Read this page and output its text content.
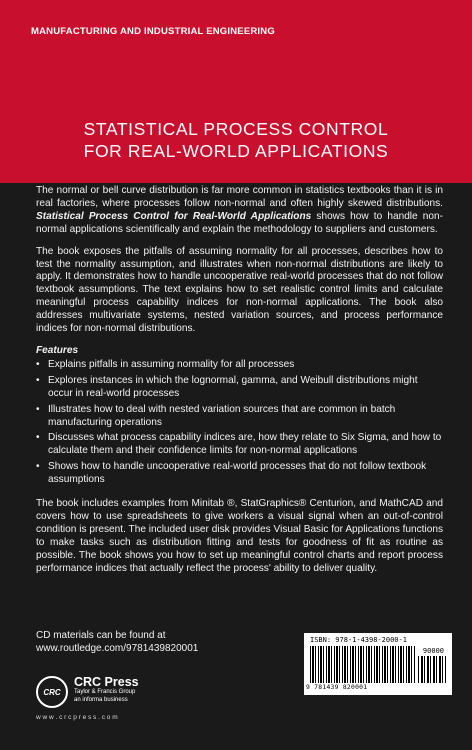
MANUFACTURING AND INDUSTRIAL ENGINEERING
STATISTICAL PROCESS CONTROL
FOR REAL-WORLD APPLICATIONS

The normal or bell curve distribution is far more common in statistics textbooks than it is in real factories, where processes follow non-normal and often highly skewed distributions. Statistical Process Control for Real-World Applications shows how to handle non-normal applications scientifically and explain the methodology to suppliers and customers.

The book exposes the pitfalls of assuming normality for all processes, describes how to test the normality assumption, and illustrates when non-normal distributions are likely to apply. It demonstrates how to handle uncooperative real-world processes that do not follow textbook assumptions. The text explains how to set realistic control limits and calculate meaningful process capability indices for non-normal applications. The book also addresses multivariate systems, nested variation sources, and process performance indices for non-normal distributions.

Features
• Explains pitfalls in assuming normality for all processes
• Explores instances in which the lognormal, gamma, and Weibull distributions might occur in real-world processes
• Illustrates how to deal with nested variation sources that are common in batch manufacturing operations
• Discusses what process capability indices are, how they relate to Six Sigma, and how to calculate them and their confidence limits for non-normal applications
• Shows how to handle uncooperative real-world processes that do not follow textbook assumptions

The book includes examples from Minitab ®, StatGraphics® Centurion, and MathCAD and covers how to use spreadsheets to give workers a visual signal when an out-of-control condition is present. The included user disk provides Visual Basic for Applications functions to make tasks such as distribution fitting and tests for goodness of fit as routine as possible. The book shows you how to set up meaningful control charts and report process performance indices that actually reflect the process' ability to deliver quality.

CD materials can be found at
www.routledge.com/9781439820001
CRC
CRC Press
Taylor & Francis Group
an informa business
w w w . c r c p r e s s . c o m
ISBN: 978-1-4398-2000-1
90000
9 781439 820001
